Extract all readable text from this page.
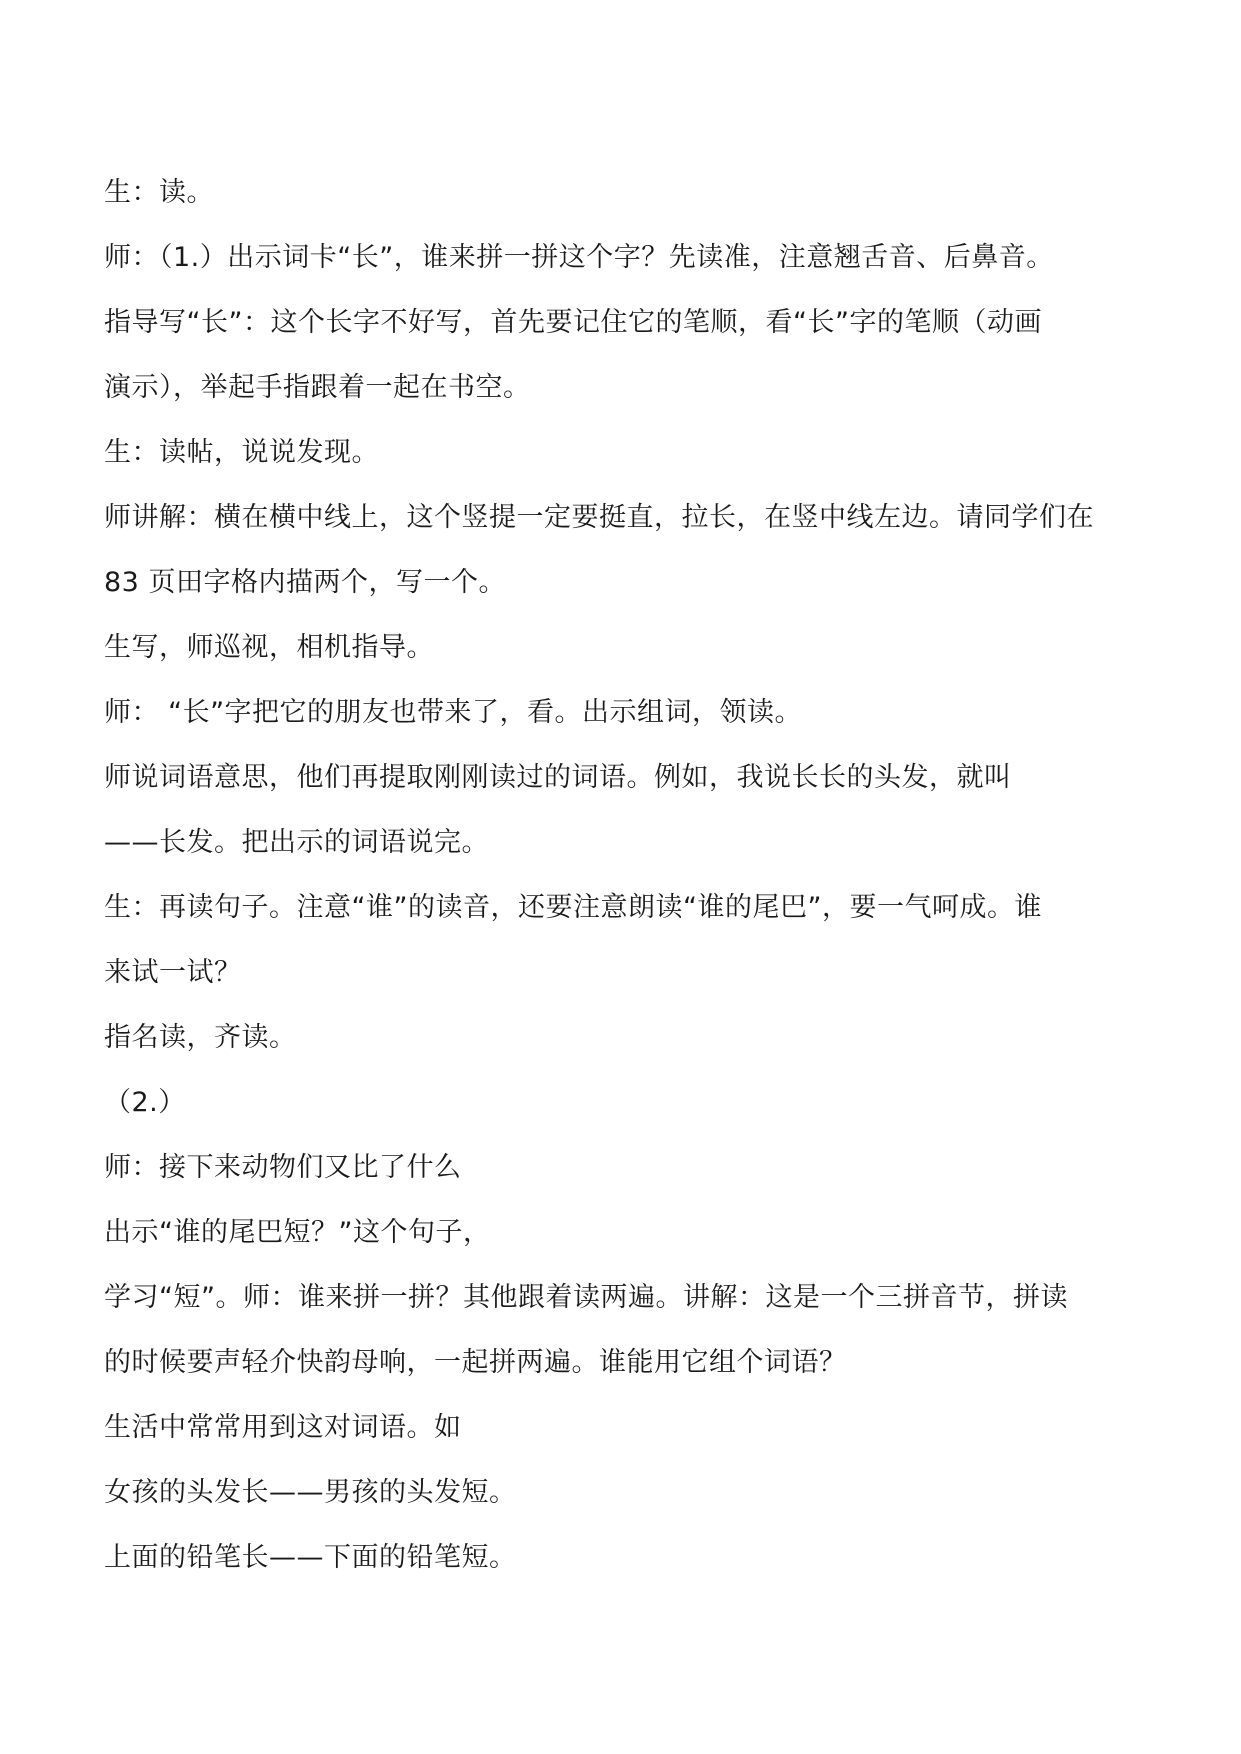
生：读。
师：（1.）出示词卡“长”，谁来拼一拼这个字？先读准，注意翘舌音、后鼻音。
指导写“长”：这个长字不好写，首先要记住它的笔顺，看“长”字的笔顺（动画
演示），举起手指跟着一起在书空。
生：读帖，说说发现。
师讲解：横在横中线上，这个竖提一定要挺直，拉长，在竖中线左边。请同学们在
83 页田字格内描两个，写一个。
生写，师巡视，相机指导。
师： “长”字把它的朋友也带来了，看。出示组词，领读。
师说词语意思，他们再提取刚刚读过的词语。例如，我说长长的头发，就叫
——长发。把出示的词语说完。
生：再读句子。注意“谁”的读音，还要注意朗读“谁的尾巴”，要一气呵成。谁
来试一试？
指名读，齐读。
（2.）
师：接下来动物们又比了什么
出示“谁的尾巴短？”这个句子，
学习“短”。师：谁来拼一拼？其他跟着读两遍。讲解：这是一个三拼音节，拼读
的时候要声轻介快韵母响，一起拼两遍。谁能用它组个词语？
生活中常常用到这对词语。如
女孩的头发长——男孩的头发短。
上面的铅笔长——下面的铅笔短。
